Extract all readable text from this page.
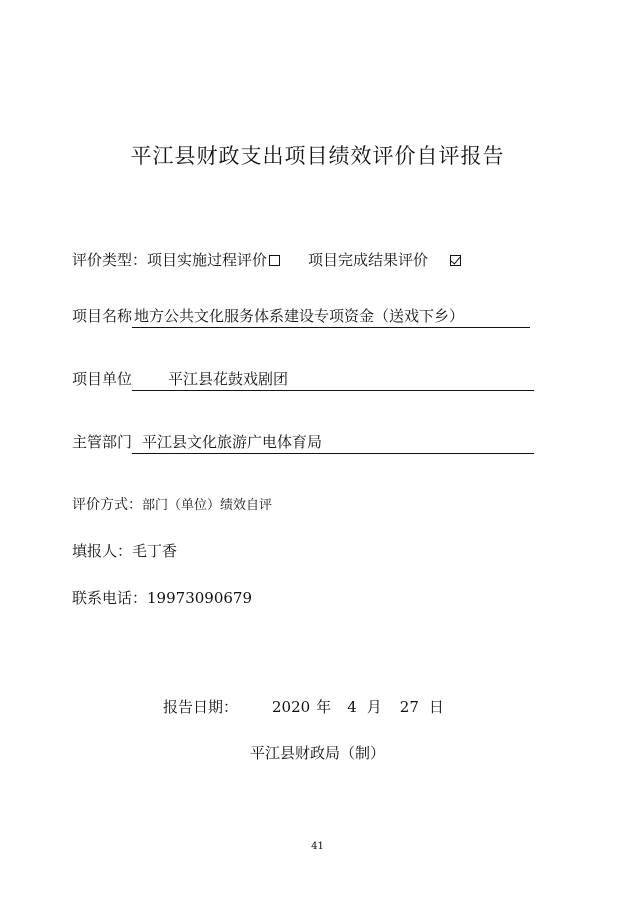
平江县财政支出项目绩效评价自评报告
评价类型：项目实施过程评价	项目完成结果评价
项目名称 地方公共文化服务体系建设专项资金（送戏下乡）
项目单位 平江县花鼓戏剧团
主管部门 平江县文化旅游广电体育局
评价方式：部门（单位）绩效自评
填报人：毛丁香
联系电话：19973090679
报告日期： 2020 年 4 月 27 日
平江县财政局（制）
41
